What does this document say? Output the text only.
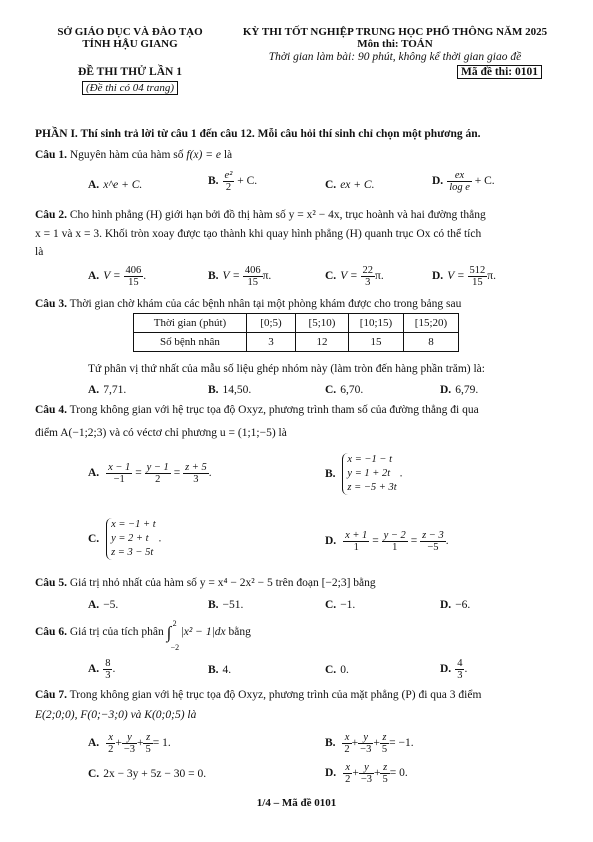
SỞ GIÁO DỤC VÀ ĐÀO TẠO
TỈNH HẬU GIANG
ĐỀ THI THỬ LẦN 1
(Đề thi có 04 trang)
KỲ THI TỐT NGHIỆP TRUNG HỌC PHỔ THÔNG NĂM 2025
Môn thi: TOÁN
Thời gian làm bài: 90 phút, không kể thời gian giao đề
Mã đề thi: 0101
PHẦN I. Thí sinh trả lời từ câu 1 đến câu 12. Mỗi câu hỏi thí sinh chỉ chọn một phương án.
Câu 1. Nguyên hàm của hàm số f(x) = e là
A. x^e + C.	B. $\frac{\text{e²}}{2} + C$.	C. ex + C.	D. $\frac{ex}{\text{log e}} + C$.
Câu 2. Cho hình phẳng (H) giới hạn bởi đồ thị hàm số y = x² − 4x, trục hoành và hai đường thẳng
x = 1 và x = 3. Khối tròn xoay được tạo thành khi quay hình phẳng (H) quanh trục Ox có thể tích
là
A. $V = \frac{406}{15}$ .	B. $V = \frac{406}{15} \pi$.	C. $V = \frac{22}{3} \pi$.	D. $V = \frac{512}{15} \pi$.
Câu 3. Thời gian chờ khám của các bệnh nhân tại một phòng khám được cho trong bảng sau
Thời gian (phút)	[0;5)	[5;10)	[10;15)	[15;20)
Số bệnh nhân	3	12	15	8
Tứ phân vị thứ nhất của mẫu số liệu ghép nhóm này (làm tròn đến hàng phần trăm) là:
A. 7,71.	B. 14,50.	C. 6,70.	D. 6,79.
Câu 4. Trong không gian với hệ trục tọa độ Oxyz, phương trình tham số của đường thẳng đi qua
điểm A(−1;2;3) và có véctơ chỉ phương u = (1;1;−5) là
A. $\frac{x - 1}{-1} = \frac{y - 1}{2} = \frac{z + 5}{3}$ .	B. x = −1 − t
y = 1 + 2t
z = −5 + 3t .
C. x = −1 + t
y = 2 + t
z = 3 − 5t .	D. $\frac{x + 1}{1} = \frac{y - 2}{1} = \frac{z - 3}{-5}$ .
Câu 5. Giá trị nhỏ nhất của hàm số y = x⁴ − 2x² − 5 trên đoạn [−2;3] bằng
A. −5.	B. −51.	C. −1.	D. −6.
Câu 6. Giá trị của tích phân ∫ 2
−2
|x² − 1|dx bằng
A. $\frac{8}{3}$ .	B. 4.	C. 0.	D. $\frac{4}{3}$ .
Câu 7. Trong không gian với hệ trục tọa độ Oxyz, phương trình của mặt phẳng (P) đi qua 3 điểm
E(2;0;0), F(0;−3;0) và K(0;0;5) là
A. $\frac{x}{2} + \frac{y}{-3} + \frac{z}{5} = 1$.	B. $\frac{x}{2} + \frac{y}{-3} + \frac{z}{5} = -1$.
C. 2x − 3y + 5z − 30 = 0.	D. $\frac{x}{2} + \frac{y}{-3} + \frac{z}{5} = 0$.
1/4 – Mã đề 0101
